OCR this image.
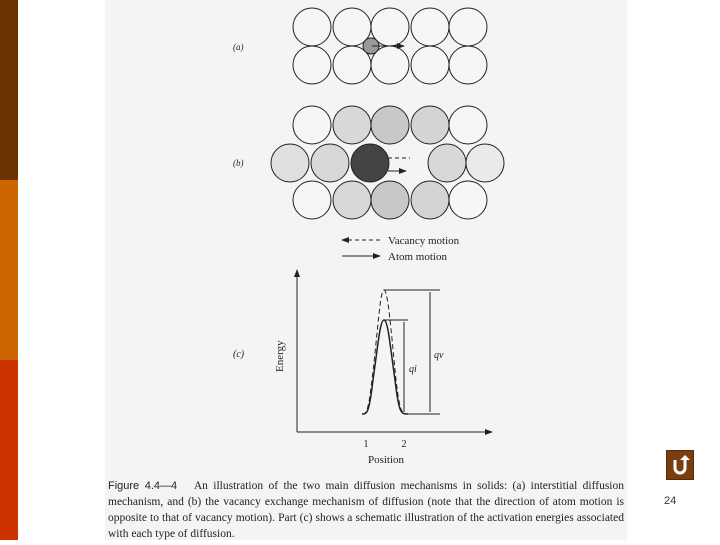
(a)
(b)
Vacancy motion
Atom motion
(c)	Energy
1	2
Position
qv
qi
Figure 4.4—4 An illustration of the two main diffusion mechanisms in solids: (a) interstitial diffusion mechanism, and (b) the vacancy exchange mechanism of diffusion (note that the direction of atom motion is opposite to that of vacancy motion). Part (c) shows a schematic illustration of the activation energies associated with each type of diffusion.
24
